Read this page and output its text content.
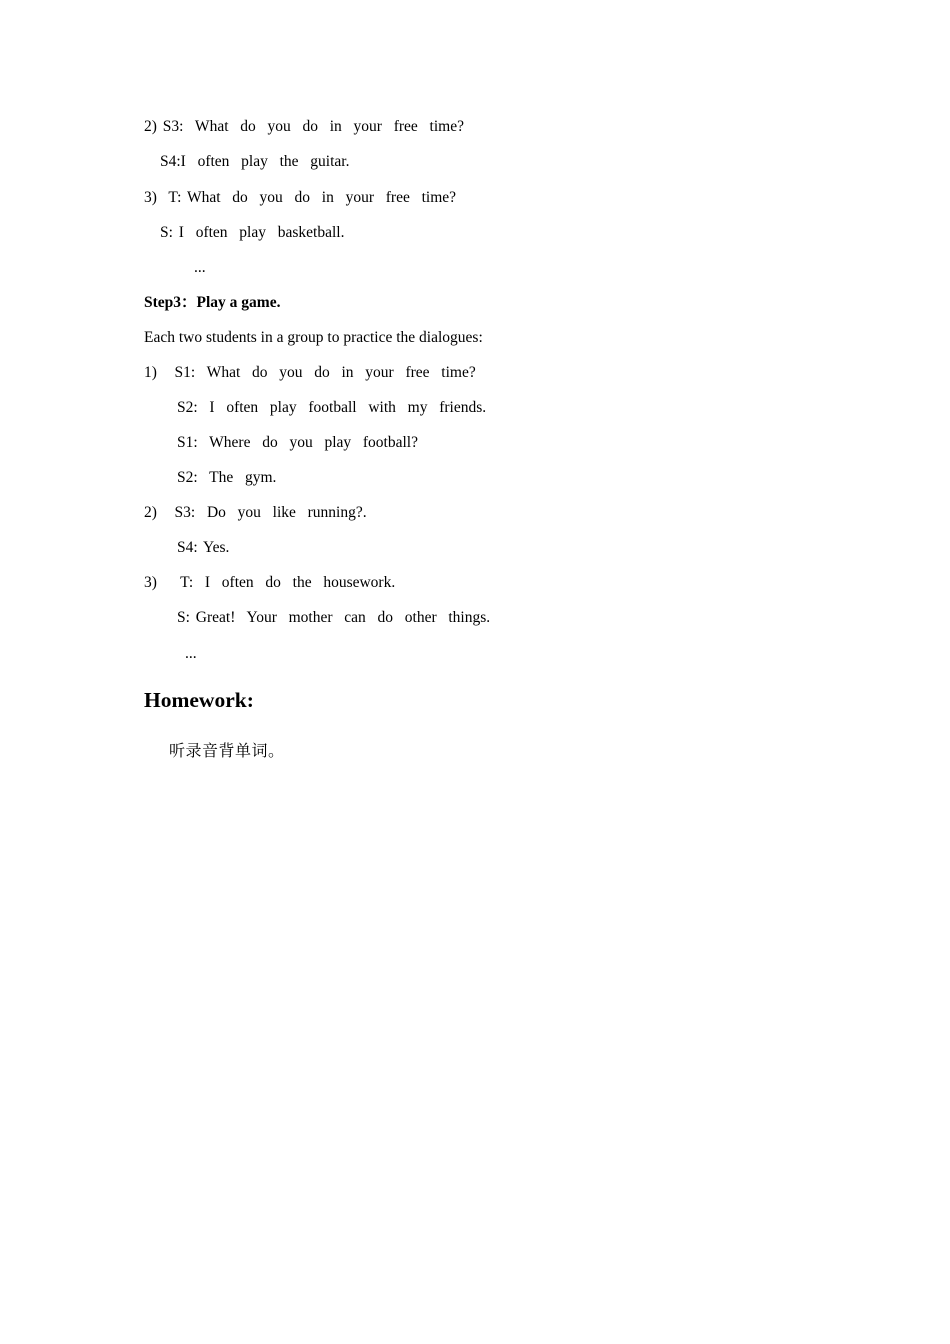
2) S3:  What  do  you  do  in  your  free  time?
S4:I  often  play  the  guitar.
3)  T: What  do  you  do  in  your  free  time?
S: I  often  play  basketball.
...
Step3：Play a game.
Each two students in a group to practice the dialogues:
1)   S1:  What  do  you  do  in  your  free  time?
S2:  I  often  play  football  with  my  friends.
S1:  Where  do  you  play  football?
S2:  The  gym.
2)   S3:  Do  you  like  running?.
S4: Yes.
3)    T:  I  often  do  the  housework.
S: Great!  Your  mother  can  do  other  things.
...
Homework:
听录音背单词。
